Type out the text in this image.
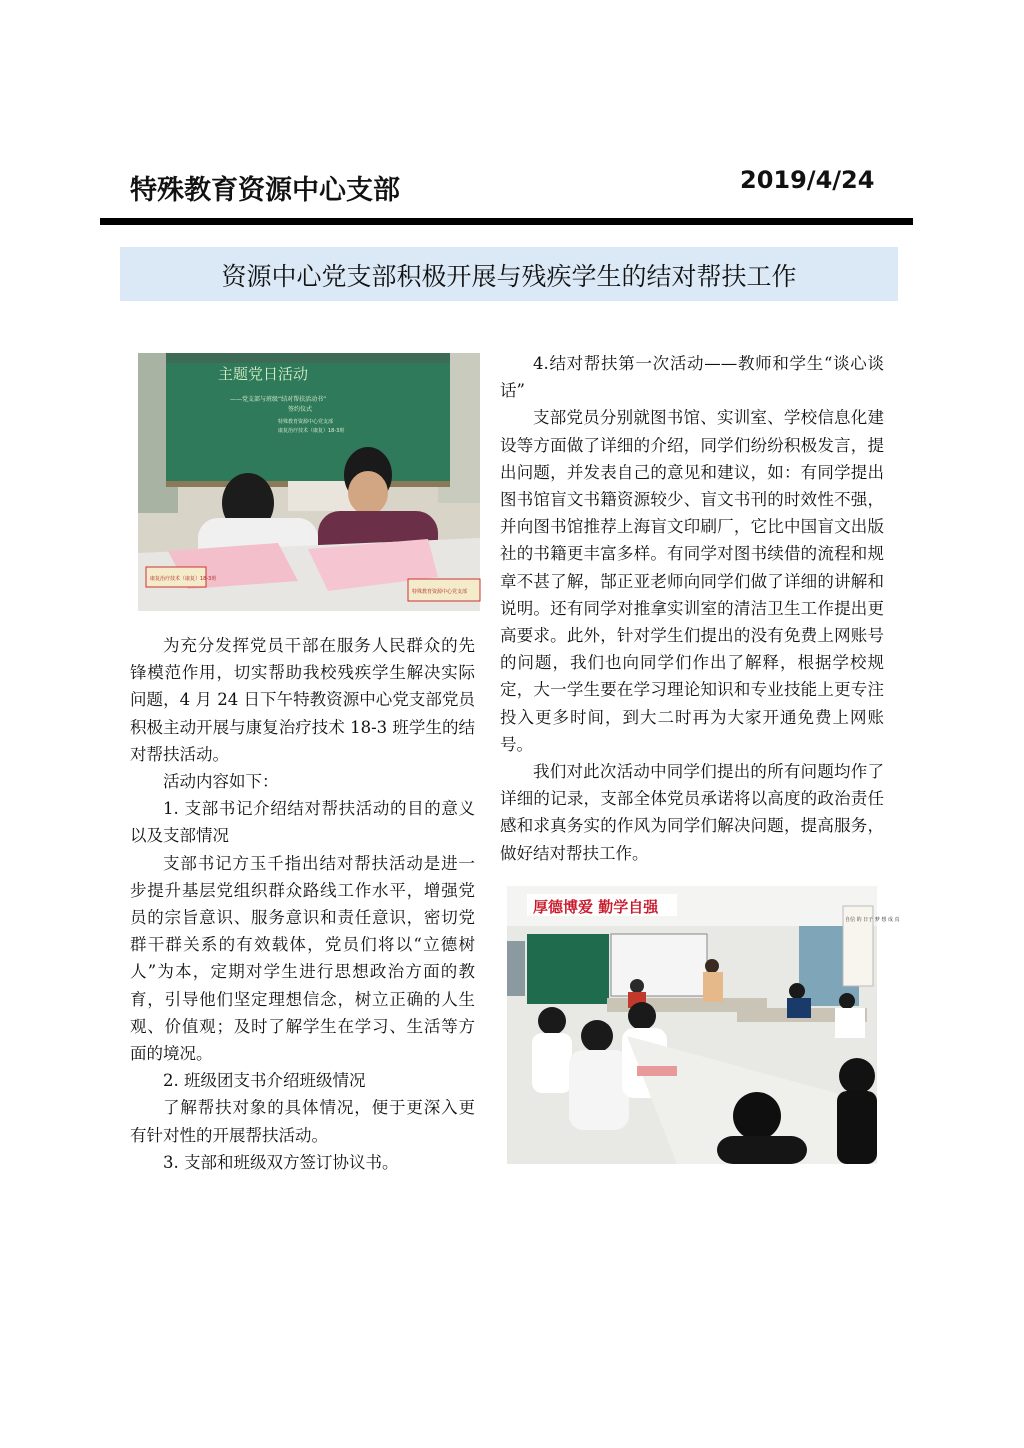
特殊教育资源中心支部	2019/4/24
资源中心党支部积极开展与残疾学生的结对帮扶工作
主题党日活动
——党支部与班级“结对帮扶活动书”
签约仪式
特殊教育资源中心党支部
康复治疗技术（康复）18-3班
康复治疗技术（康复）18-3班
特殊教育资源中心党支部

为充分发挥党员干部在服务人民群众的先锋模范作用，切实帮助我校残疾学生解决实际问题，4 月 24 日下午特教资源中心党支部党员积极主动开展与康复治疗技术 18-3 班学生的结对帮扶活动。

活动内容如下：

1. 支部书记介绍结对帮扶活动的目的意义以及支部情况

支部书记方玉千指出结对帮扶活动是进一步提升基层党组织群众路线工作水平，增强党员的宗旨意识、服务意识和责任意识，密切党群干群关系的有效载体，党员们将以“立德树人”为本，定期对学生进行思想政治方面的教育，引导他们坚定理想信念，树立正确的人生观、价值观；及时了解学生在学习、生活等方面的境况。

2. 班级团支书介绍班级情况

了解帮扶对象的具体情况，便于更深入更有针对性的开展帮扶活动。

3. 支部和班级双方签订协议书。

4.结对帮扶第一次活动——教师和学生“谈心谈话”

支部党员分别就图书馆、实训室、学校信息化建设等方面做了详细的介绍，同学们纷纷积极发言，提出问题，并发表自己的意见和建议，如：有同学提出图书馆盲文书籍资源较少、盲文书刊的时效性不强，并向图书馆推荐上海盲文印刷厂，它比中国盲文出版社的书籍更丰富多样。有同学对图书续借的流程和规章不甚了解，郜正亚老师向同学们做了详细的讲解和说明。还有同学对推拿实训室的清洁卫生工作提出更高要求。此外，针对学生们提出的没有免费上网账号的问题，我们也向同学们作出了解释，根据学校规定，大一学生要在学习理论知识和专业技能上更专注投入更多时间，到大二时再为大家开通免费上网账号。

我们对此次活动中同学们提出的所有问题均作了详细的记录，支部全体党员承诺将以高度的政治责任感和求真务实的作风为同学们解决问题，提高服务，做好结对帮扶工作。

厚德博爱 勤学自强
自信 的 日子 梦 想 成 真
